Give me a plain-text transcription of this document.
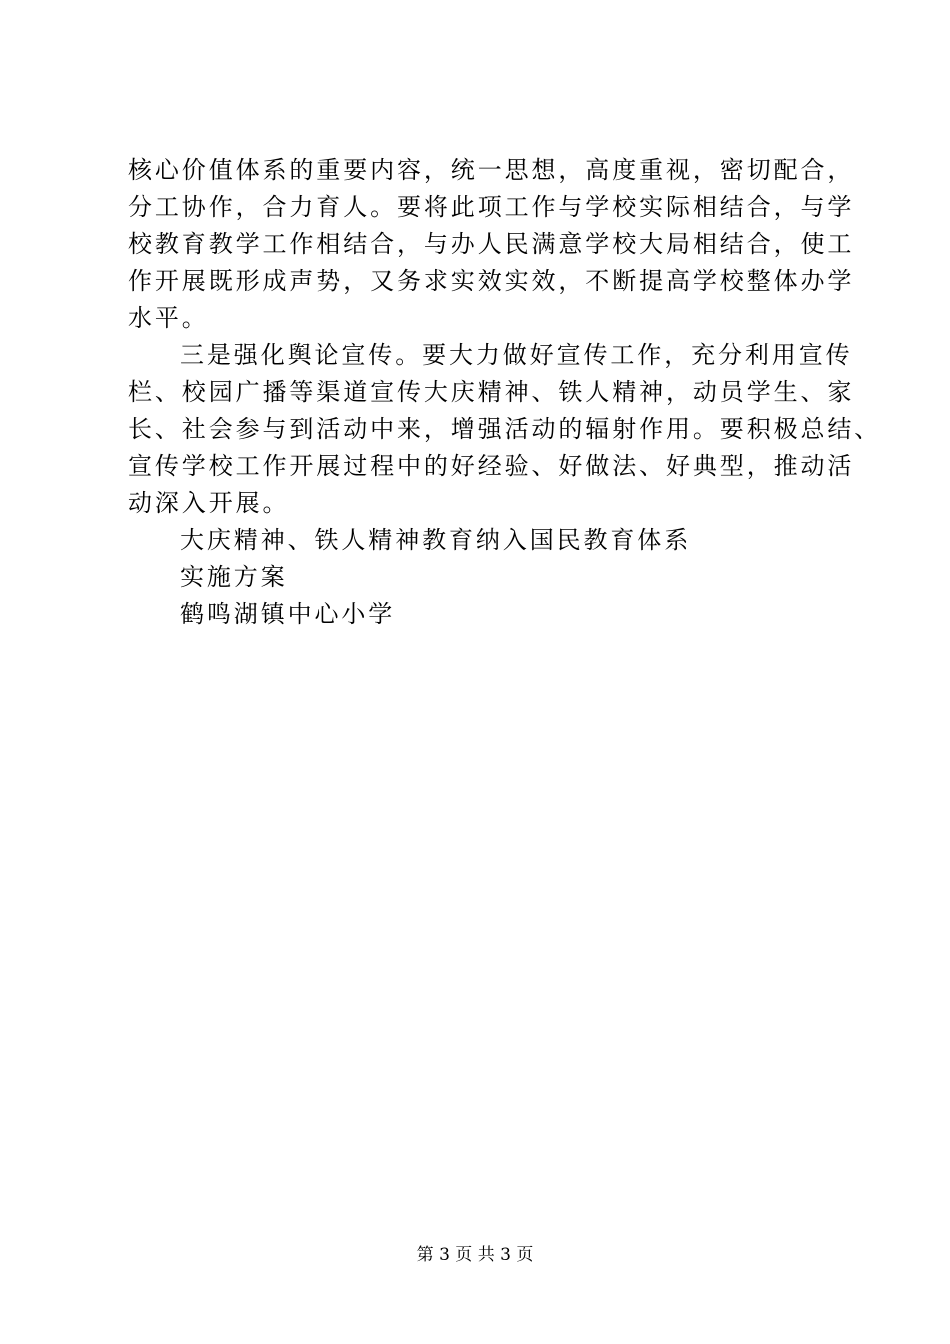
核心价值体系的重要内容，统一思想，高度重视，密切配合，
分工协作，合力育人。要将此项工作与学校实际相结合，与学
校教育教学工作相结合，与办人民满意学校大局相结合，使工
作开展既形成声势，又务求实效实效，不断提高学校整体办学
水平。
三是强化舆论宣传。要大力做好宣传工作，充分利用宣传
栏、校园广播等渠道宣传大庆精神、铁人精神，动员学生、家
长、社会参与到活动中来，增强活动的辐射作用。要积极总结、
宣传学校工作开展过程中的好经验、好做法、好典型，推动活
动深入开展。
大庆精神、铁人精神教育纳入国民教育体系
实施方案
鹤鸣湖镇中心小学
第 3 页 共 3 页
